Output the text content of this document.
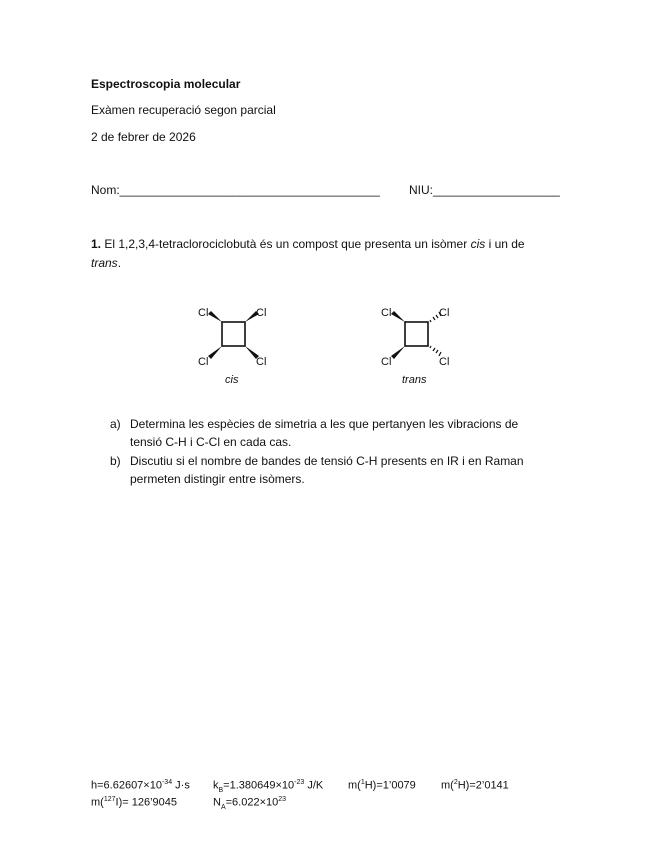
Espectroscopia molecular
Exàmen recuperació segon parcial
2 de febrer de 2026
Nom:_______________________________________ NIU:___________________
1. El 1,2,3,4-tetraclorociclobutà és un compost que presenta un isòmer cis i un de
trans.
Cl	Cl
Cl	Cl
cis
Cl	Cl
Cl	Cl
trans
a) Determina les espècies de simetria a les que pertanyen les vibracions de
tensió C-H i C-Cl en cada cas.
b) Discutiu si el nombre de bandes de tensió C-H presents en IR i en Raman
permeten distingir entre isòmers.
$h=6.62607\times 10^{-34}$ J·s $k_B=1.380649\times 10^{-23}$ J/K m($^1$H)=1’0079 m($^2$H)=2’0141
m($^{127}$I)= 126’9045	$N_A=6.022\times 10^{23}$
